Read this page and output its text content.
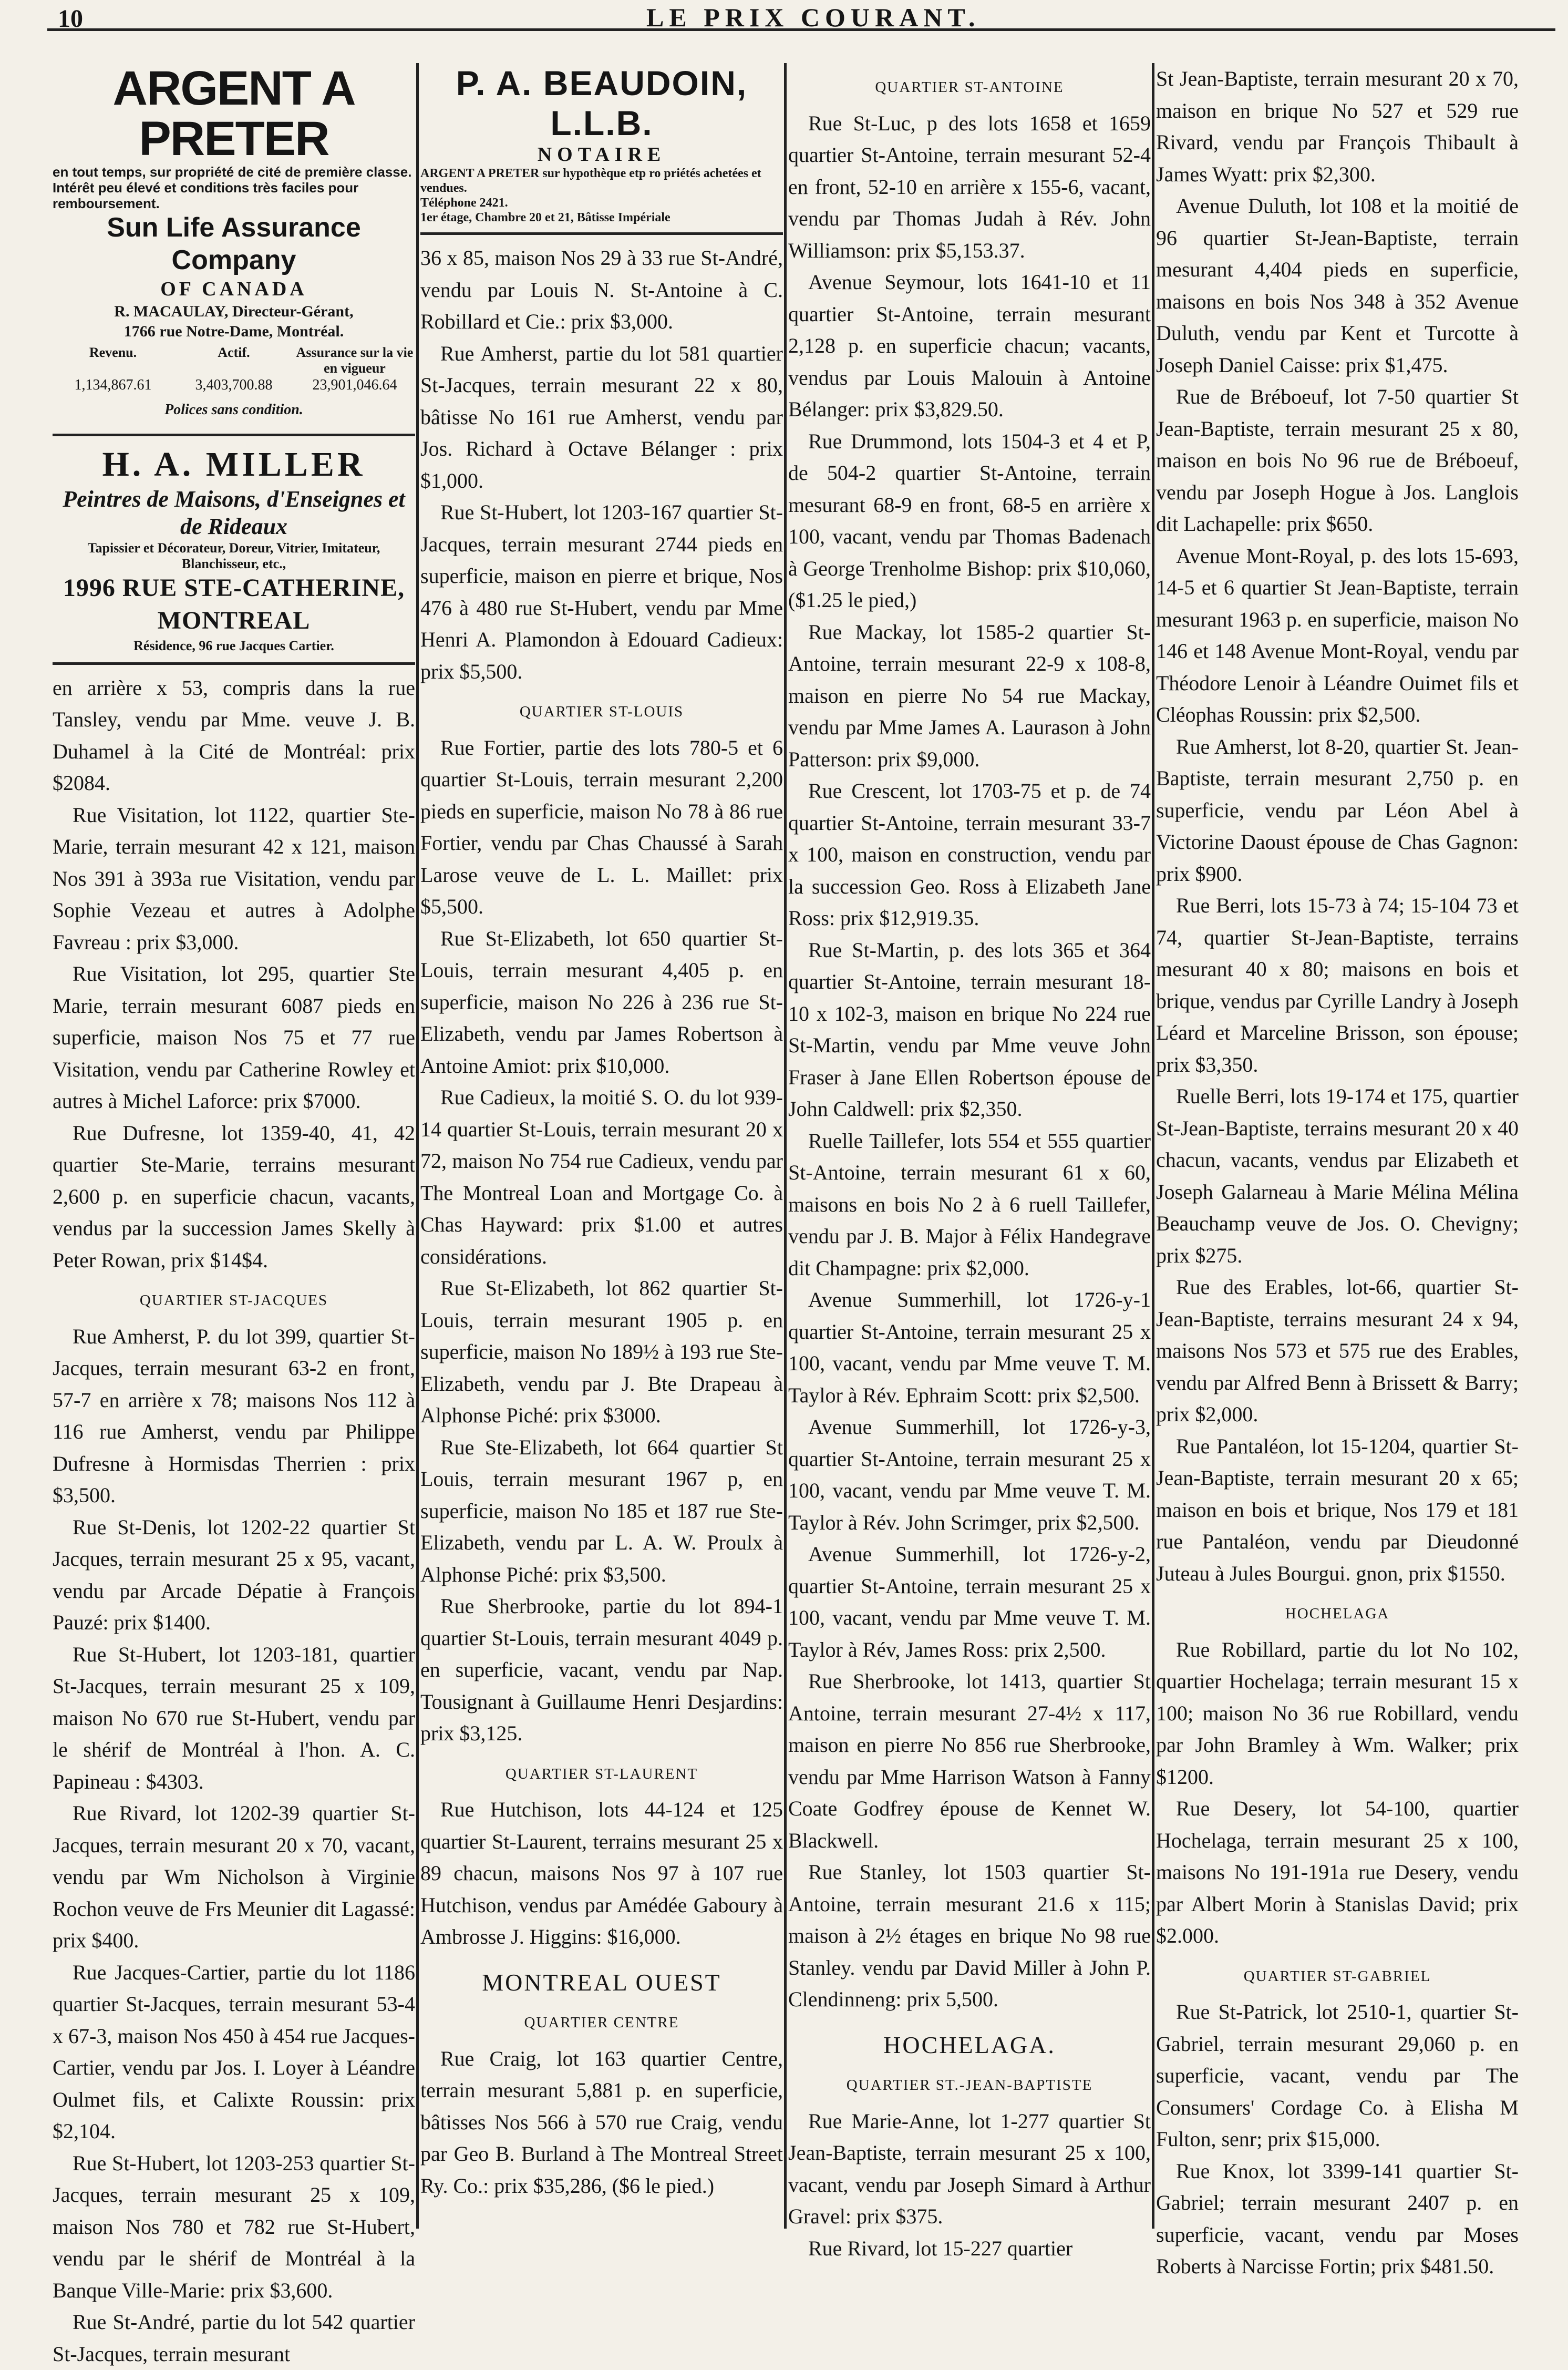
10	LE PRIX COURANT.
ARGENT A PRETER
en tout temps, sur propriété de cité de première classe. Intérêt peu élevé et conditions très faciles pour remboursement.
Sun Life Assurance Company
OF CANADA
R. MACAULAY, Directeur-Gérant,
1766 rue Notre-Dame, Montréal.
Revenu.	Actif.	Assurance sur la vie en vigueur
1,134,867.61	3,403,700.88	23,901,046.64
Polices sans condition.
H. A. MILLER
Peintres de Maisons, d'Enseignes et de Rideaux
Tapissier et Décorateur, Doreur, Vitrier, Imitateur, Blanchisseur, etc.,
1996 RUE STE-CATHERINE, MONTREAL
Résidence, 96 rue Jacques Cartier.

en arrière x 53, compris dans la rue Tansley, vendu par Mme. veuve J. B. Duhamel à la Cité de Montréal: prix $2084.

Rue Visitation, lot 1122, quartier Ste-Marie, terrain mesurant 42 x 121, maison Nos 391 à 393a rue Visitation, vendu par Sophie Vezeau et autres à Adolphe Favreau : prix $3,000.

Rue Visitation, lot 295, quartier Ste Marie, terrain mesurant 6087 pieds en superficie, maison Nos 75 et 77 rue Visitation, vendu par Catherine Rowley et autres à Michel Laforce: prix $7000.

Rue Dufresne, lot 1359-40, 41, 42 quartier Ste-Marie, terrains mesurant 2,600 p. en superficie chacun, vacants, vendus par la succession James Skelly à Peter Rowan, prix $14$4.

QUARTIER ST-JACQUES

Rue Amherst, P. du lot 399, quartier St-Jacques, terrain mesurant 63-2 en front, 57-7 en arrière x 78; maisons Nos 112 à 116 rue Amherst, vendu par Philippe Dufresne à Hormisdas Therrien : prix $3,500.

Rue St-Denis, lot 1202-22 quartier St Jacques, terrain mesurant 25 x 95, vacant, vendu par Arcade Dépatie à François Pauzé: prix $1400.

Rue St-Hubert, lot 1203-181, quartier St-Jacques, terrain mesurant 25 x 109, maison No 670 rue St-Hubert, vendu par le shérif de Montréal à l'hon. A. C. Papineau : $4303.

Rue Rivard, lot 1202-39 quartier St-Jacques, terrain mesurant 20 x 70, vacant, vendu par Wm Nicholson à Virginie Rochon veuve de Frs Meunier dit Lagassé: prix $400.

Rue Jacques-Cartier, partie du lot 1186 quartier St-Jacques, terrain mesurant 53-4 x 67-3, maison Nos 450 à 454 rue Jacques-Cartier, vendu par Jos. I. Loyer à Léandre Oulmet fils, et Calixte Roussin: prix $2,104.

Rue St-Hubert, lot 1203-253 quartier St-Jacques, terrain mesurant 25 x 109, maison Nos 780 et 782 rue St-Hubert, vendu par le shérif de Montréal à la Banque Ville-Marie: prix $3,600.

Rue St-André, partie du lot 542 quartier St-Jacques, terrain mesurant

P. A. BEAUDOIN, L.L.B.
NOTAIRE
ARGENT A PRETER sur hypothèque etp ro priétés achetées et vendues.
Téléphone 2421.
1er étage, Chambre 20 et 21, Bâtisse Impériale

36 x 85, maison Nos 29 à 33 rue St-André, vendu par Louis N. St-Antoine à C. Robillard et Cie.: prix $3,000.

Rue Amherst, partie du lot 581 quartier St-Jacques, terrain mesurant 22 x 80, bâtisse No 161 rue Amherst, vendu par Jos. Richard à Octave Bélanger : prix $1,000.

Rue St-Hubert, lot 1203-167 quartier St-Jacques, terrain mesurant 2744 pieds en superficie, maison en pierre et brique, Nos 476 à 480 rue St-Hubert, vendu par Mme Henri A. Plamondon à Edouard Cadieux: prix $5,500.

QUARTIER ST-LOUIS

Rue Fortier, partie des lots 780-5 et 6 quartier St-Louis, terrain mesurant 2,200 pieds en superficie, maison No 78 à 86 rue Fortier, vendu par Chas Chaussé à Sarah Larose veuve de L. L. Maillet: prix $5,500.

Rue St-Elizabeth, lot 650 quartier St-Louis, terrain mesurant 4,405 p. en superficie, maison No 226 à 236 rue St-Elizabeth, vendu par James Robertson à Antoine Amiot: prix $10,000.

Rue Cadieux, la moitié S. O. du lot 939-14 quartier St-Louis, terrain mesurant 20 x 72, maison No 754 rue Cadieux, vendu par The Montreal Loan and Mortgage Co. à Chas Hayward: prix $1.00 et autres considérations.

Rue St-Elizabeth, lot 862 quartier St-Louis, terrain mesurant 1905 p. en superficie, maison No 189½ à 193 rue Ste-Elizabeth, vendu par J. Bte Drapeau à Alphonse Piché: prix $3000.

Rue Ste-Elizabeth, lot 664 quartier St Louis, terrain mesurant 1967 p, en superficie, maison No 185 et 187 rue Ste-Elizabeth, vendu par L. A. W. Proulx à Alphonse Piché: prix $3,500.

Rue Sherbrooke, partie du lot 894-1 quartier St-Louis, terrain mesurant 4049 p. en superficie, vacant, vendu par Nap. Tousignant à Guillaume Henri Desjardins: prix $3,125.

QUARTIER ST-LAURENT

Rue Hutchison, lots 44-124 et 125 quartier St-Laurent, terrains mesurant 25 x 89 chacun, maisons Nos 97 à 107 rue Hutchison, vendus par Amédée Gaboury à Ambrosse J. Higgins: $16,000.

MONTREAL OUEST
QUARTIER CENTRE

Rue Craig, lot 163 quartier Centre, terrain mesurant 5,881 p. en superficie, bâtisses Nos 566 à 570 rue Craig, vendu par Geo B. Burland à The Montreal Street Ry. Co.: prix $35,286, ($6 le pied.)

QUARTIER ST-ANTOINE

Rue St-Luc, p des lots 1658 et 1659 quartier St-Antoine, terrain mesurant 52-4 en front, 52-10 en arrière x 155-6, vacant, vendu par Thomas Judah à Rév. John Williamson: prix $5,153.37.

Avenue Seymour, lots 1641-10 et 11 quartier St-Antoine, terrain mesurant 2,128 p. en superficie chacun; vacants, vendus par Louis Malouin à Antoine Bélanger: prix $3,829.50.

Rue Drummond, lots 1504-3 et 4 et P, de 504-2 quartier St-Antoine, terrain mesurant 68-9 en front, 68-5 en arrière x 100, vacant, vendu par Thomas Badenach à George Trenholme Bishop: prix $10,060, ($1.25 le pied,)

Rue Mackay, lot 1585-2 quartier St-Antoine, terrain mesurant 22-9 x 108-8, maison en pierre No 54 rue Mackay, vendu par Mme James A. Laurason à John Patterson: prix $9,000.

Rue Crescent, lot 1703-75 et p. de 74 quartier St-Antoine, terrain mesurant 33-7 x 100, maison en construction, vendu par la succession Geo. Ross à Elizabeth Jane Ross: prix $12,919.35.

Rue St-Martin, p. des lots 365 et 364 quartier St-Antoine, terrain mesurant 18-10 x 102-3, maison en brique No 224 rue St-Martin, vendu par Mme veuve John Fraser à Jane Ellen Robertson épouse de John Caldwell: prix $2,350.

Ruelle Taillefer, lots 554 et 555 quartier St-Antoine, terrain mesurant 61 x 60, maisons en bois No 2 à 6 ruell Taillefer, vendu par J. B. Major à Félix Handegrave dit Champagne: prix $2,000.

Avenue Summerhill, lot 1726-y-1 quartier St-Antoine, terrain mesurant 25 x 100, vacant, vendu par Mme veuve T. M. Taylor à Rév. Ephraim Scott: prix $2,500.

Avenue Summerhill, lot 1726-y-3, quartier St-Antoine, terrain mesurant 25 x 100, vacant, vendu par Mme veuve T. M. Taylor à Rév. John Scrimger, prix $2,500.

Avenue Summerhill, lot 1726-y-2, quartier St-Antoine, terrain mesurant 25 x 100, vacant, vendu par Mme veuve T. M. Taylor à Rév, James Ross: prix 2,500.

Rue Sherbrooke, lot 1413, quartier St Antoine, terrain mesurant 27-4½ x 117, maison en pierre No 856 rue Sherbrooke, vendu par Mme Harrison Watson à Fanny Coate Godfrey épouse de Kennet W. Blackwell.

Rue Stanley, lot 1503 quartier St-Antoine, terrain mesurant 21.6 x 115; maison à 2½ étages en brique No 98 rue Stanley. vendu par David Miller à John P. Clendinneng: prix 5,500.

HOCHELAGA.
QUARTIER ST.-JEAN-BAPTISTE

Rue Marie-Anne, lot 1-277 quartier St Jean-Baptiste, terrain mesurant 25 x 100, vacant, vendu par Joseph Simard à Arthur Gravel: prix $375.

Rue Rivard, lot 15-227 quartier

St Jean-Baptiste, terrain mesurant 20 x 70, maison en brique No 527 et 529 rue Rivard, vendu par François Thibault à James Wyatt: prix $2,300.

Avenue Duluth, lot 108 et la moitié de 96 quartier St-Jean-Baptiste, terrain mesurant 4,404 pieds en superficie, maisons en bois Nos 348 à 352 Avenue Duluth, vendu par Kent et Turcotte à Joseph Daniel Caisse: prix $1,475.

Rue de Bréboeuf, lot 7-50 quartier St Jean-Baptiste, terrain mesurant 25 x 80, maison en bois No 96 rue de Bréboeuf, vendu par Joseph Hogue à Jos. Langlois dit Lachapelle: prix $650.

Avenue Mont-Royal, p. des lots 15-693, 14-5 et 6 quartier St Jean-Baptiste, terrain mesurant 1963 p. en superficie, maison No 146 et 148 Avenue Mont-Royal, vendu par Théodore Lenoir à Léandre Ouimet fils et Cléophas Roussin: prix $2,500.

Rue Amherst, lot 8-20, quartier St. Jean-Baptiste, terrain mesurant 2,750 p. en superficie, vendu par Léon Abel à Victorine Daoust épouse de Chas Gagnon: prix $900.

Rue Berri, lots 15-73 à 74; 15-104 73 et 74, quartier St-Jean-Baptiste, terrains mesurant 40 x 80; maisons en bois et brique, vendus par Cyrille Landry à Joseph Léard et Marceline Brisson, son épouse; prix $3,350.

Ruelle Berri, lots 19-174 et 175, quartier St-Jean-Baptiste, terrains mesurant 20 x 40 chacun, vacants, vendus par Elizabeth et Joseph Galarneau à Marie Mélina Mélina Beauchamp veuve de Jos. O. Chevigny; prix $275.

Rue des Erables, lot-66, quartier St-Jean-Baptiste, terrains mesurant 24 x 94, maisons Nos 573 et 575 rue des Erables, vendu par Alfred Benn à Brissett & Barry; prix $2,000.

Rue Pantaléon, lot 15-1204, quartier St-Jean-Baptiste, terrain mesurant 20 x 65; maison en bois et brique, Nos 179 et 181 rue Pantaléon, vendu par Dieudonné Juteau à Jules Bourgui. gnon, prix $1550.

HOCHELAGA

Rue Robillard, partie du lot No 102, quartier Hochelaga; terrain mesurant 15 x 100; maison No 36 rue Robillard, vendu par John Bramley à Wm. Walker; prix $1200.

Rue Desery, lot 54-100, quartier Hochelaga, terrain mesurant 25 x 100, maisons No 191-191a rue Desery, vendu par Albert Morin à Stanislas David; prix $2.000.

QUARTIER ST-GABRIEL

Rue St-Patrick, lot 2510-1, quartier St-Gabriel, terrain mesurant 29,060 p. en superficie, vacant, vendu par The Consumers' Cordage Co. à Elisha M Fulton, senr; prix $15,000.

Rue Knox, lot 3399-141 quartier St-Gabriel; terrain mesurant 2407 p. en superficie, vacant, vendu par Moses Roberts à Narcisse Fortin; prix $481.50.
